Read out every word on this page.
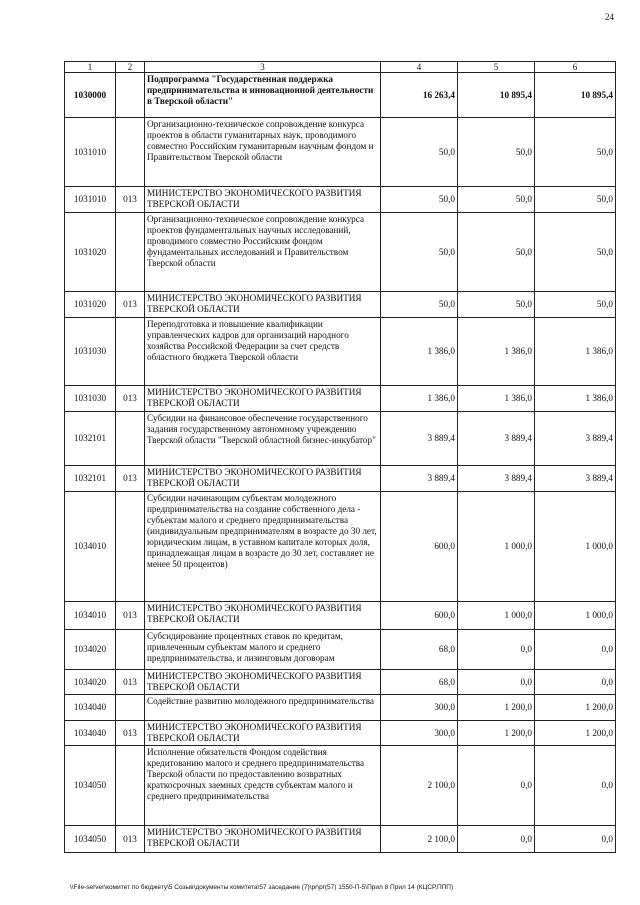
24
1	2	3	4	5	6
1030000		Подпрограмма "Государственная поддержка предпринимательства и инновационной деятельности в Тверской области"	16 263,4	10 895,4	10 895,4
1031010		Организационно-техническое сопровождение конкурса проектов в области гуманитарных наук, проводимого совместно Российским гуманитарным научным фондом и Правительством Тверской области	50,0	50,0	50,0
1031010	013	МИНИСТЕРСТВО ЭКОНОМИЧЕСКОГО РАЗВИТИЯ ТВЕРСКОЙ ОБЛАСТИ	50,0	50,0	50,0
1031020		Организационно-техническое сопровождение конкурса проектов фундаментальных научных исследований, проводимого совместно Российским фондом фундаментальных исследований и Правительством Тверской области	50,0	50,0	50,0
1031020	013	МИНИСТЕРСТВО ЭКОНОМИЧЕСКОГО РАЗВИТИЯ ТВЕРСКОЙ ОБЛАСТИ	50,0	50,0	50,0
1031030		Переподготовка и повышение квалификации управленческих кадров для организаций народного хозяйства Российской Федерации за счет средств областного бюджета Тверской области	1 386,0	1 386,0	1 386,0
1031030	013	МИНИСТЕРСТВО ЭКОНОМИЧЕСКОГО РАЗВИТИЯ ТВЕРСКОЙ ОБЛАСТИ	1 386,0	1 386,0	1 386,0
1032101		Субсидии на финансовое обеспечение государственного задания государственному автономному учреждению Тверской области "Тверской областной бизнес-инкубатор"	3 889,4	3 889,4	3 889,4
1032101	013	МИНИСТЕРСТВО ЭКОНОМИЧЕСКОГО РАЗВИТИЯ ТВЕРСКОЙ ОБЛАСТИ	3 889,4	3 889,4	3 889,4
1034010		Субсидии начинающим субъектам молодежного предпринимательства на создание собственного дела - субъектам малого и среднего предпринимательства (индивидуальным предпринимателям в возрасте до 30 лет, юридическим лицам, в уставном капитале которых доля, принадлежащая лицам в возрасте до 30 лет, составляет не менее 50 процентов)	600,0	1 000,0	1 000,0
1034010	013	МИНИСТЕРСТВО ЭКОНОМИЧЕСКОГО РАЗВИТИЯ ТВЕРСКОЙ ОБЛАСТИ	600,0	1 000,0	1 000,0
1034020		Субсидирование процентных ставок по кредитам, привлеченным субъектам малого и среднего предпринимательства, и лизинговым договорам	68,0	0,0	0,0
1034020	013	МИНИСТЕРСТВО ЭКОНОМИЧЕСКОГО РАЗВИТИЯ ТВЕРСКОЙ ОБЛАСТИ	68,0	0,0	0,0
1034040		Содействие развитию молодежного предпринимательства	300,0	1 200,0	1 200,0
1034040	013	МИНИСТЕРСТВО ЭКОНОМИЧЕСКОГО РАЗВИТИЯ ТВЕРСКОЙ ОБЛАСТИ	300,0	1 200,0	1 200,0
1034050		Исполнение обязательств Фондом содействия кредитованию малого и среднего предпринимательства Тверской области по предоставлению возвратных краткосрочных заемных средств субъектам малого и среднего предпринимательства	2 100,0	0,0	0,0
1034050	013	МИНИСТЕРСТВО ЭКОНОМИЧЕСКОГО РАЗВИТИЯ ТВЕРСКОЙ ОБЛАСТИ	2 100,0	0,0	0,0
\\File-server\комитет по бюджету\5 Созыв\документы комитета\57 заседание (7)\pr\pr(57) 1550-П-5\Прил 8 Прил 14 (КЦСР,ППП)
